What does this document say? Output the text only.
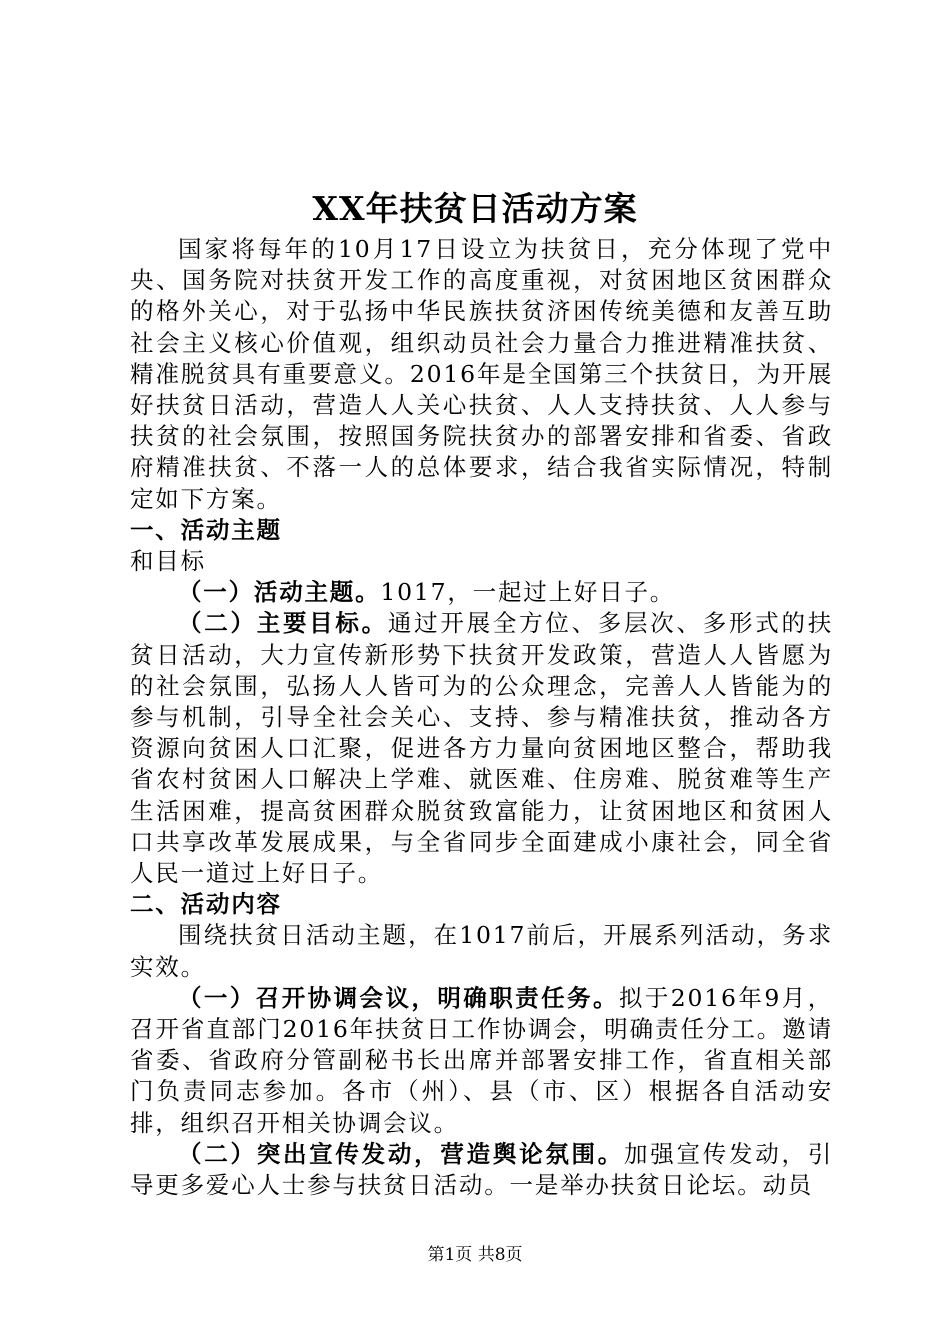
XX年扶贫日活动方案

国家将每年的10月17日设立为扶贫日，充分体现了党中央、国务院对扶贫开发工作的高度重视，对贫困地区贫困群众的格外关心，对于弘扬中华民族扶贫济困传统美德和友善互助社会主义核心价值观，组织动员社会力量合力推进精准扶贫、精准脱贫具有重要意义。2016年是全国第三个扶贫日，为开展好扶贫日活动，营造人人关心扶贫、人人支持扶贫、人人参与扶贫的社会氛围，按照国务院扶贫办的部署安排和省委、省政府精准扶贫、不落一人的总体要求，结合我省实际情况，特制定如下方案。

一、活动主题

和目标

（一）活动主题。1017，一起过上好日子。

（二）主要目标。通过开展全方位、多层次、多形式的扶贫日活动，大力宣传新形势下扶贫开发政策，营造人人皆愿为的社会氛围，弘扬人人皆可为的公众理念，完善人人皆能为的参与机制，引导全社会关心、支持、参与精准扶贫，推动各方资源向贫困人口汇聚，促进各方力量向贫困地区整合，帮助我省农村贫困人口解决上学难、就医难、住房难、脱贫难等生产生活困难，提高贫困群众脱贫致富能力，让贫困地区和贫困人口共享改革发展成果，与全省同步全面建成小康社会，同全省人民一道过上好日子。

二、活动内容

围绕扶贫日活动主题，在1017前后，开展系列活动，务求实效。

（一）召开协调会议，明确职责任务。拟于2016年9月，召开省直部门2016年扶贫日工作协调会，明确责任分工。邀请省委、省政府分管副秘书长出席并部署安排工作，省直相关部门负责同志参加。各市（州）、县（市、区）根据各自活动安排，组织召开相关协调会议。

（二）突出宣传发动，营造舆论氛围。加强宣传发动，引导更多爱心人士参与扶贫日活动。一是举办扶贫日论坛。动员

第1页 共8页
